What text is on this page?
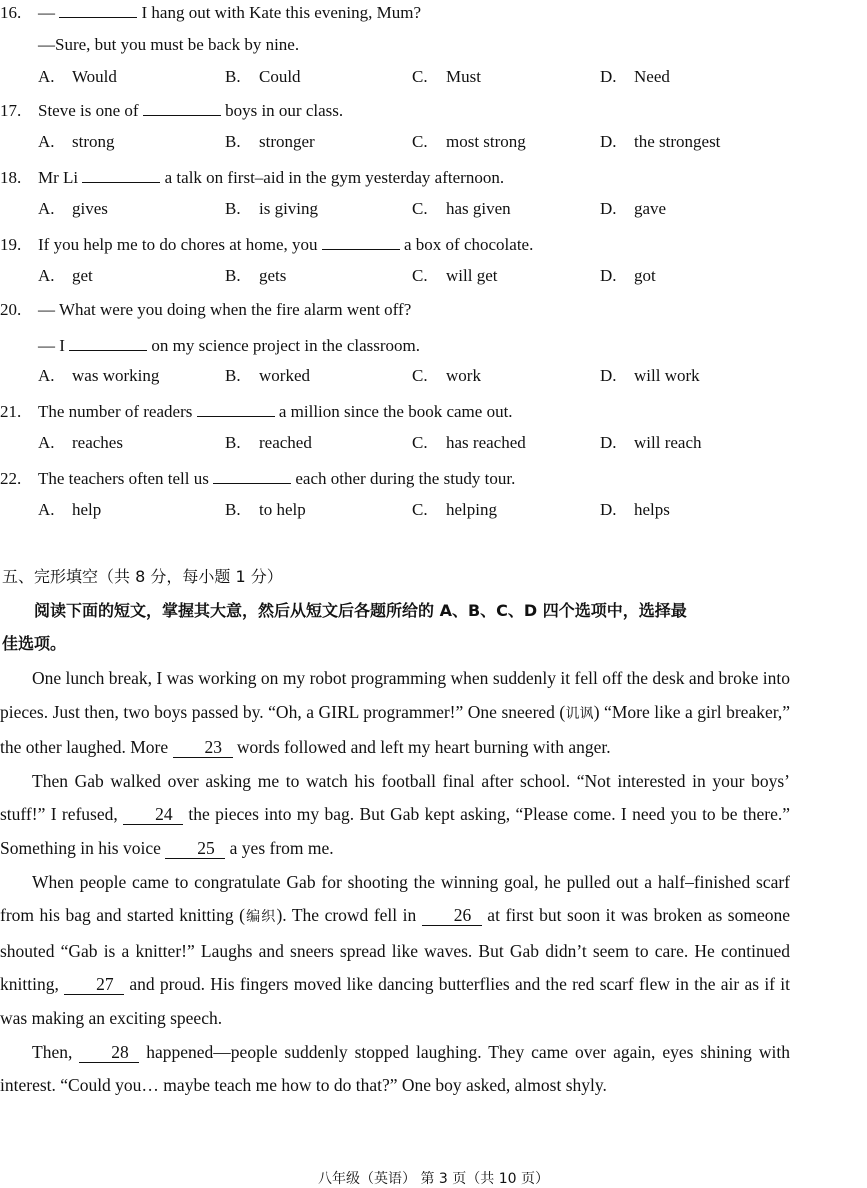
16. —	I hang out with Kate this evening, Mum?
—Sure, but you must be back by nine.
A. Would	B. Could	C. Must	D. Need
17. Steve is one of	boys in our class.
A. strong	B. stronger	C. most strong	D. the strongest
18. Mr Li	a talk on first–aid in the gym yesterday afternoon.
A. gives	B. is giving	C. has given	D. gave
19. If you help me to do chores at home, you	a box of chocolate.
A. get	B. gets	C. will get	D. got
20. — What were you doing when the fire alarm went off?
— I	on my science project in the classroom.
A. was working	B. worked	C. work	D. will work
21. The number of readers	a million since the book came out.
A. reaches	B. reached	C. has reached	D. will reach
22. The teachers often tell us	each other during the study tour.
A. help	B. to help	C. helping	D. helps
五、完形填空（共 8 分，每小题 1 分）
阅读下面的短文，掌握其大意，然后从短文后各题所给的 A、B、C、D 四个选项中，选择最
佳选项。

One lunch break, I was working on my robot programming when suddenly it fell off the desk and broke into pieces. Just then, two boys passed by. “Oh, a GIRL programmer!” One sneered (讥讽) “More like a girl breaker,” the other laughed. More 23 words followed and left my heart burning with anger.

Then Gab walked over asking me to watch his football final after school. “Not interested in your boys’ stuff!” I refused, 24 the pieces into my bag. But Gab kept asking, “Please come. I need you to be there.” Something in his voice 25 a yes from me.

When people came to congratulate Gab for shooting the winning goal, he pulled out a half–finished scarf from his bag and started knitting (编织). The crowd fell in 26 at first but soon it was broken as someone shouted “Gab is a knitter!” Laughs and sneers spread like waves. But Gab didn’t seem to care. He continued knitting, 27 and proud. His fingers moved like dancing butterflies and the red scarf flew in the air as if it was making an exciting speech.

Then, 28 happened—people suddenly stopped laughing. They came over again, eyes shining with interest. “Could you… maybe teach me how to do that?” One boy asked, almost shyly.

八年级（英语） 第 3 页（共 10 页）
